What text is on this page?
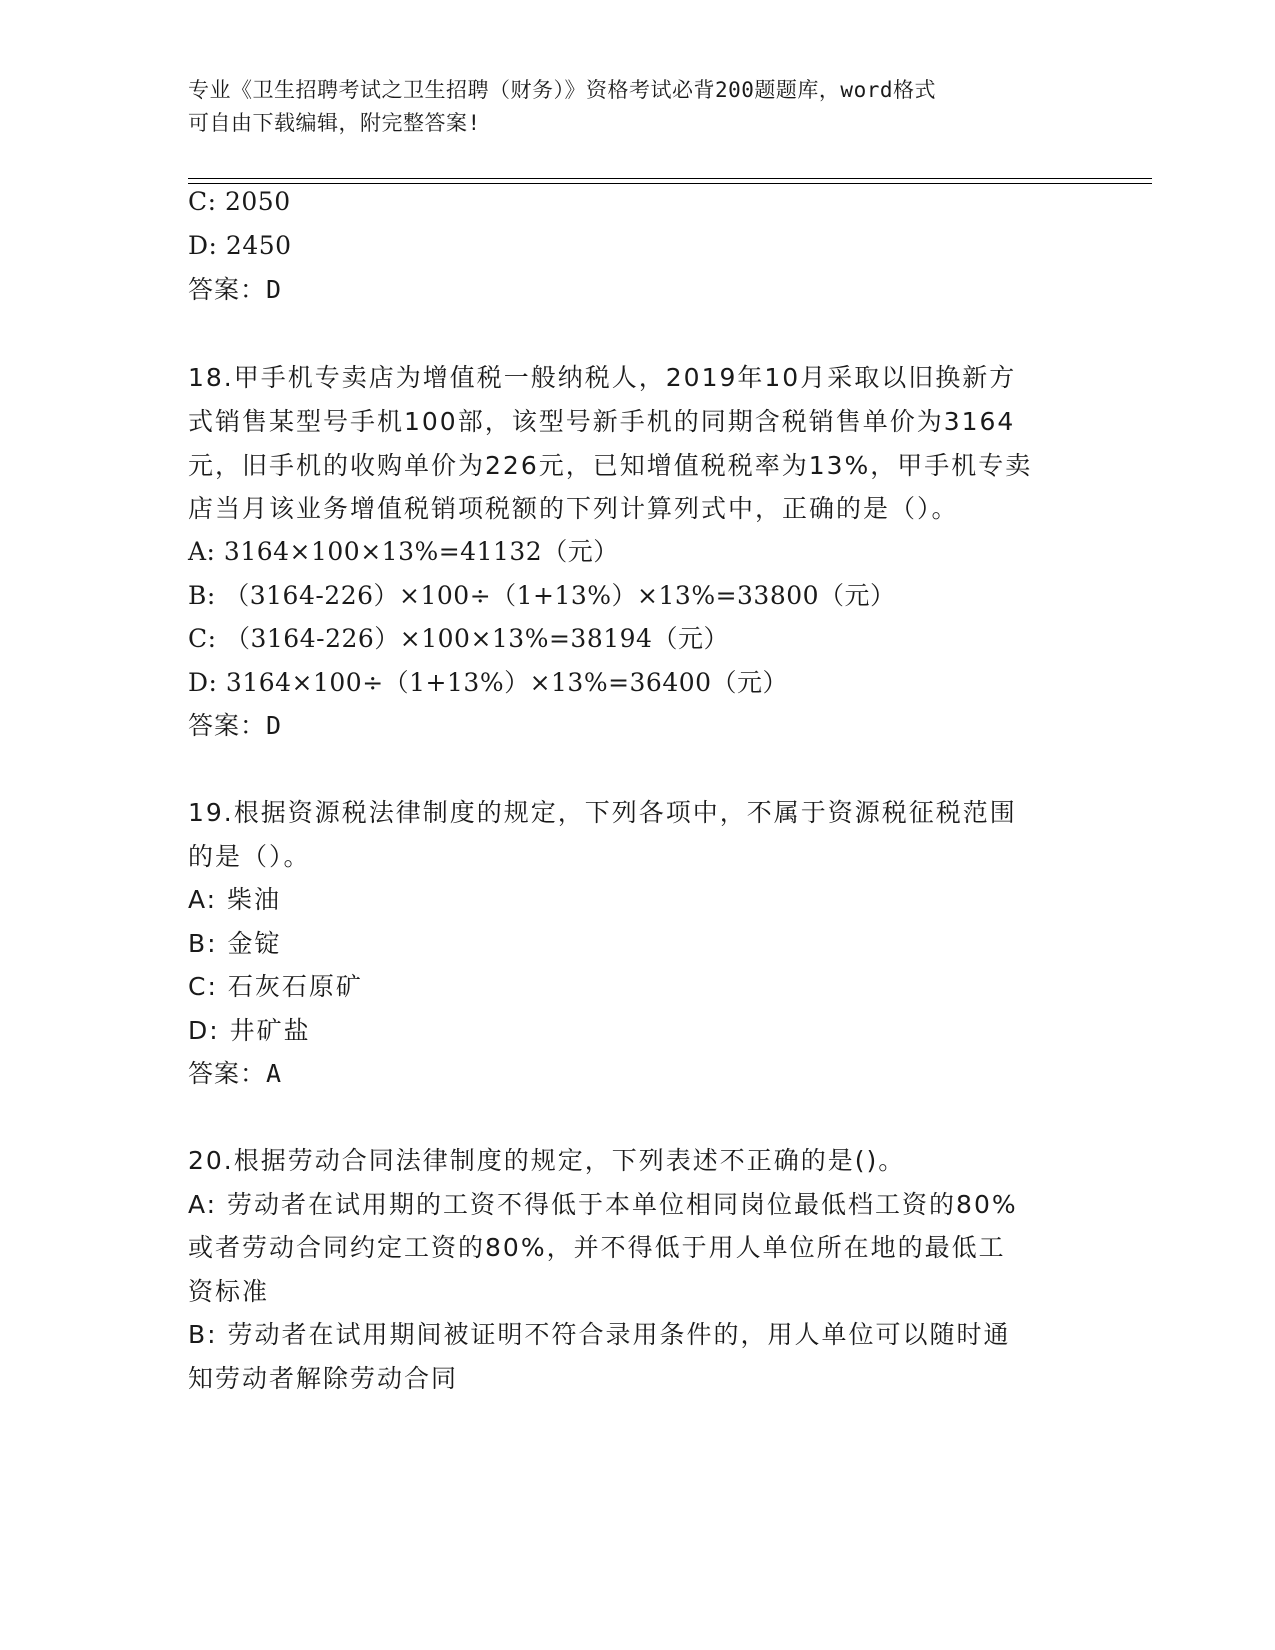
专业《卫生招聘考试之卫生招聘（财务）》资格考试必背200题题库，word格式
可自由下载编辑，附完整答案!
C: 2050
D: 2450
答案：D
18.甲手机专卖店为增值税一般纳税人，2019年10月采取以旧换新方
式销售某型号手机100部，该型号新手机的同期含税销售单价为3164
元，旧手机的收购单价为226元，已知增值税税率为13%，甲手机专卖
店当月该业务增值税销项税额的下列计算列式中，正确的是（）。
A: 3164×100×13%=41132（元）
B: （3164-226）×100÷（1+13%）×13%=33800（元）
C: （3164-226）×100×13%=38194（元）
D: 3164×100÷（1+13%）×13%=36400（元）
答案：D
19.根据资源税法律制度的规定，下列各项中，不属于资源税征税范围
的是（）。
A: 柴油
B: 金锭
C: 石灰石原矿
D: 井矿盐
答案：A
20.根据劳动合同法律制度的规定，下列表述不正确的是()。
A: 劳动者在试用期的工资不得低于本单位相同岗位最低档工资的80%
或者劳动合同约定工资的80%，并不得低于用人单位所在地的最低工
资标准
B: 劳动者在试用期间被证明不符合录用条件的，用人单位可以随时通
知劳动者解除劳动合同
